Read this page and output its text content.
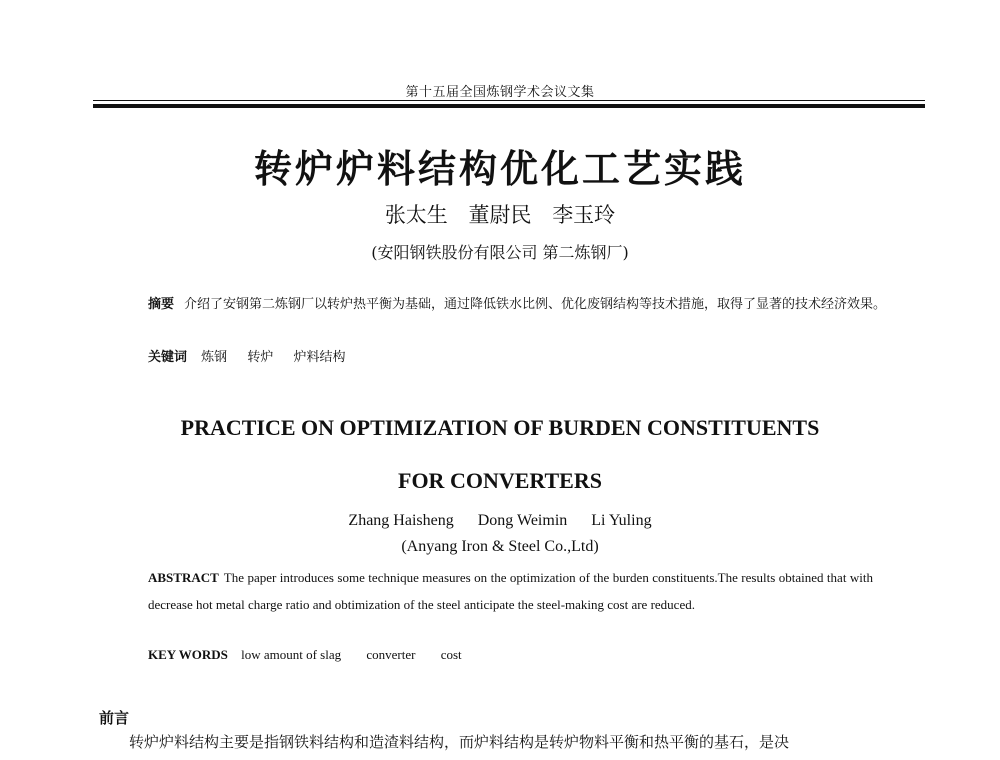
第十五届全国炼钢学术会议文集
转炉炉料结构优化工艺实践
张太生 董尉民 李玉玲
(安阳钢铁股份有限公司 第二炼钢厂)
摘要 介绍了安钢第二炼钢厂以转炉热平衡为基础，通过降低铁水比例、优化废钢结构等技术措施，取得了显著的技术经济效果。
关键词 炼钢 转炉 炉料结构
PRACTICE ON OPTIMIZATION OF BURDEN CONSTITUENTS
FOR CONVERTERS
Zhang Haisheng Dong Weimin Li Yuling
(Anyang Iron & Steel Co.,Ltd)
ABSTRACT The paper introduces some technique measures on the optimization of the burden constituents.The results obtained that with decrease hot metal charge ratio and obtimization of the steel anticipate the steel-making cost are reduced.
KEY WORDS low amount of slag converter cost
前言
转炉炉料结构主要是指钢铁料结构和造渣料结构，而炉料结构是转炉物料平衡和热平衡的基石，是决
